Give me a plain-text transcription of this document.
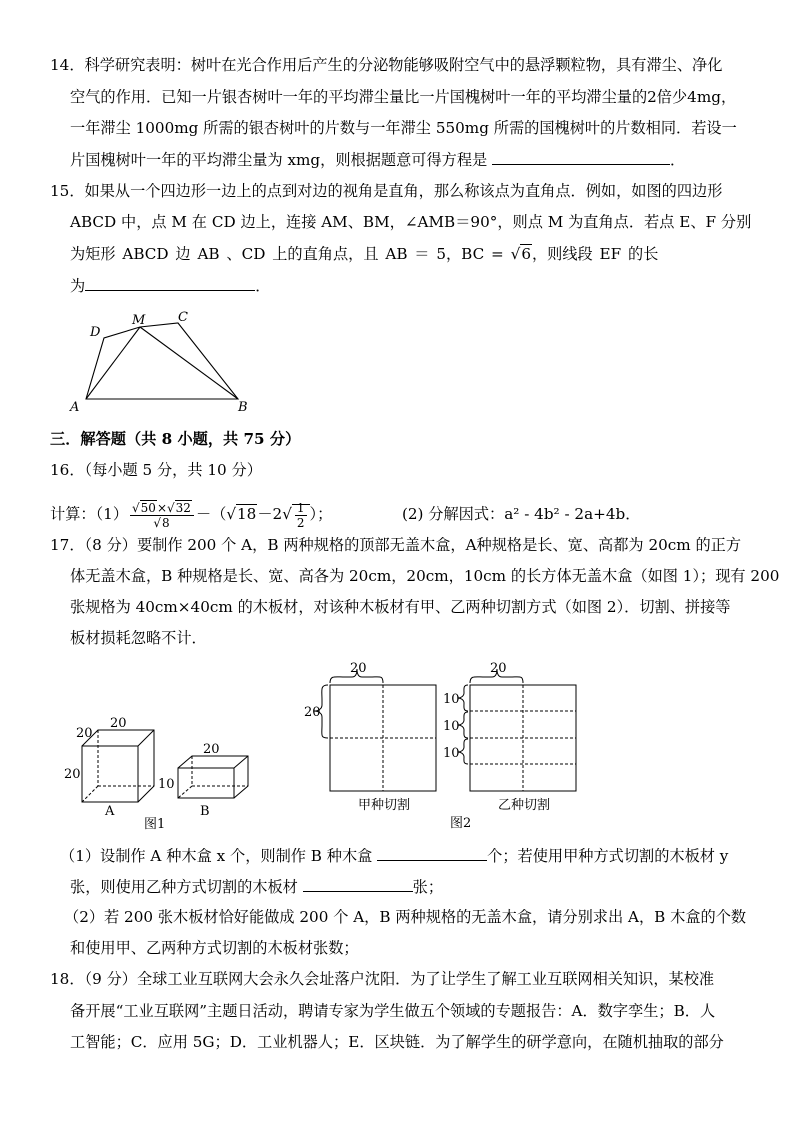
14．科学研究表明：树叶在光合作用后产生的分泌物能够吸附空气中的悬浮颗粒物，具有滞尘、净化
空气的作用．已知一片银杏树叶一年的平均滞尘量比一片国槐树叶一年的平均滞尘量的2倍少4mg，
一年滞尘 1000mg 所需的银杏树叶的片数与一年滞尘 550mg 所需的国槐树叶的片数相同．若设一
片国槐树叶一年的平均滞尘量为 xmg，则根据题意可得方程是	．
15．如果从一个四边形一边上的点到对边的视角是直角，那么称该点为直角点．例如，如图的四边形
ABCD 中，点 M 在 CD 边上，连接 AM、BM，∠AMB＝90°，则点 M 为直角点．若点 E、F 分别
为矩形 ABCD 边 AB 、CD 上的直角点，且 AB ＝ 5，BC = √6，则线段 EF 的长
为	．
D
M	C
A	B
三．解答题（共 8 小题，共 75 分）
16．（每小题 5 分，共 10 分）
计算：$(1) \frac{√50\times√32}{√8} -(√18-2√ \frac{1}{2}$ ）；	(2) 分解因式：a² - 4b² - 2a+4b．
17．（8 分）要制作 200 个 A，B 两种规格的顶部无盖木盒，A种规格是长、宽、高都为 20cm 的正方
体无盖木盒，B 种规格是长、宽、高各为 20cm，20cm，10cm 的长方体无盖木盒（如图 1）；现有 200
张规格为 40cm×40cm 的木板材，对该种木板材有甲、乙两种切割方式（如图 2）．切割、拼接等
板材损耗忽略不计．
20
20
20
20
10
A	B
图1
20
20
20
10
10
10
甲种切割	乙种切割
图2
（1）设制作 A 种木盒 x 个，则制作 B 种木盒	个；若使用甲种方式切割的木板材 y
张，则使用乙种方式切割的木板材	张；
（2）若 200 张木板材恰好能做成 200 个 A，B 两种规格的无盖木盒，请分别求出 A，B 木盒的个数
和使用甲、乙两种方式切割的木板材张数；
18．（9 分）全球工业互联网大会永久会址落户沈阳．为了让学生了解工业互联网相关知识，某校准
备开展“工业互联网”主题日活动，聘请专家为学生做五个领域的专题报告：A．数字孪生；B．人
工智能；C．应用 5G；D．工业机器人；E．区块链．为了解学生的研学意向，在随机抽取的部分
